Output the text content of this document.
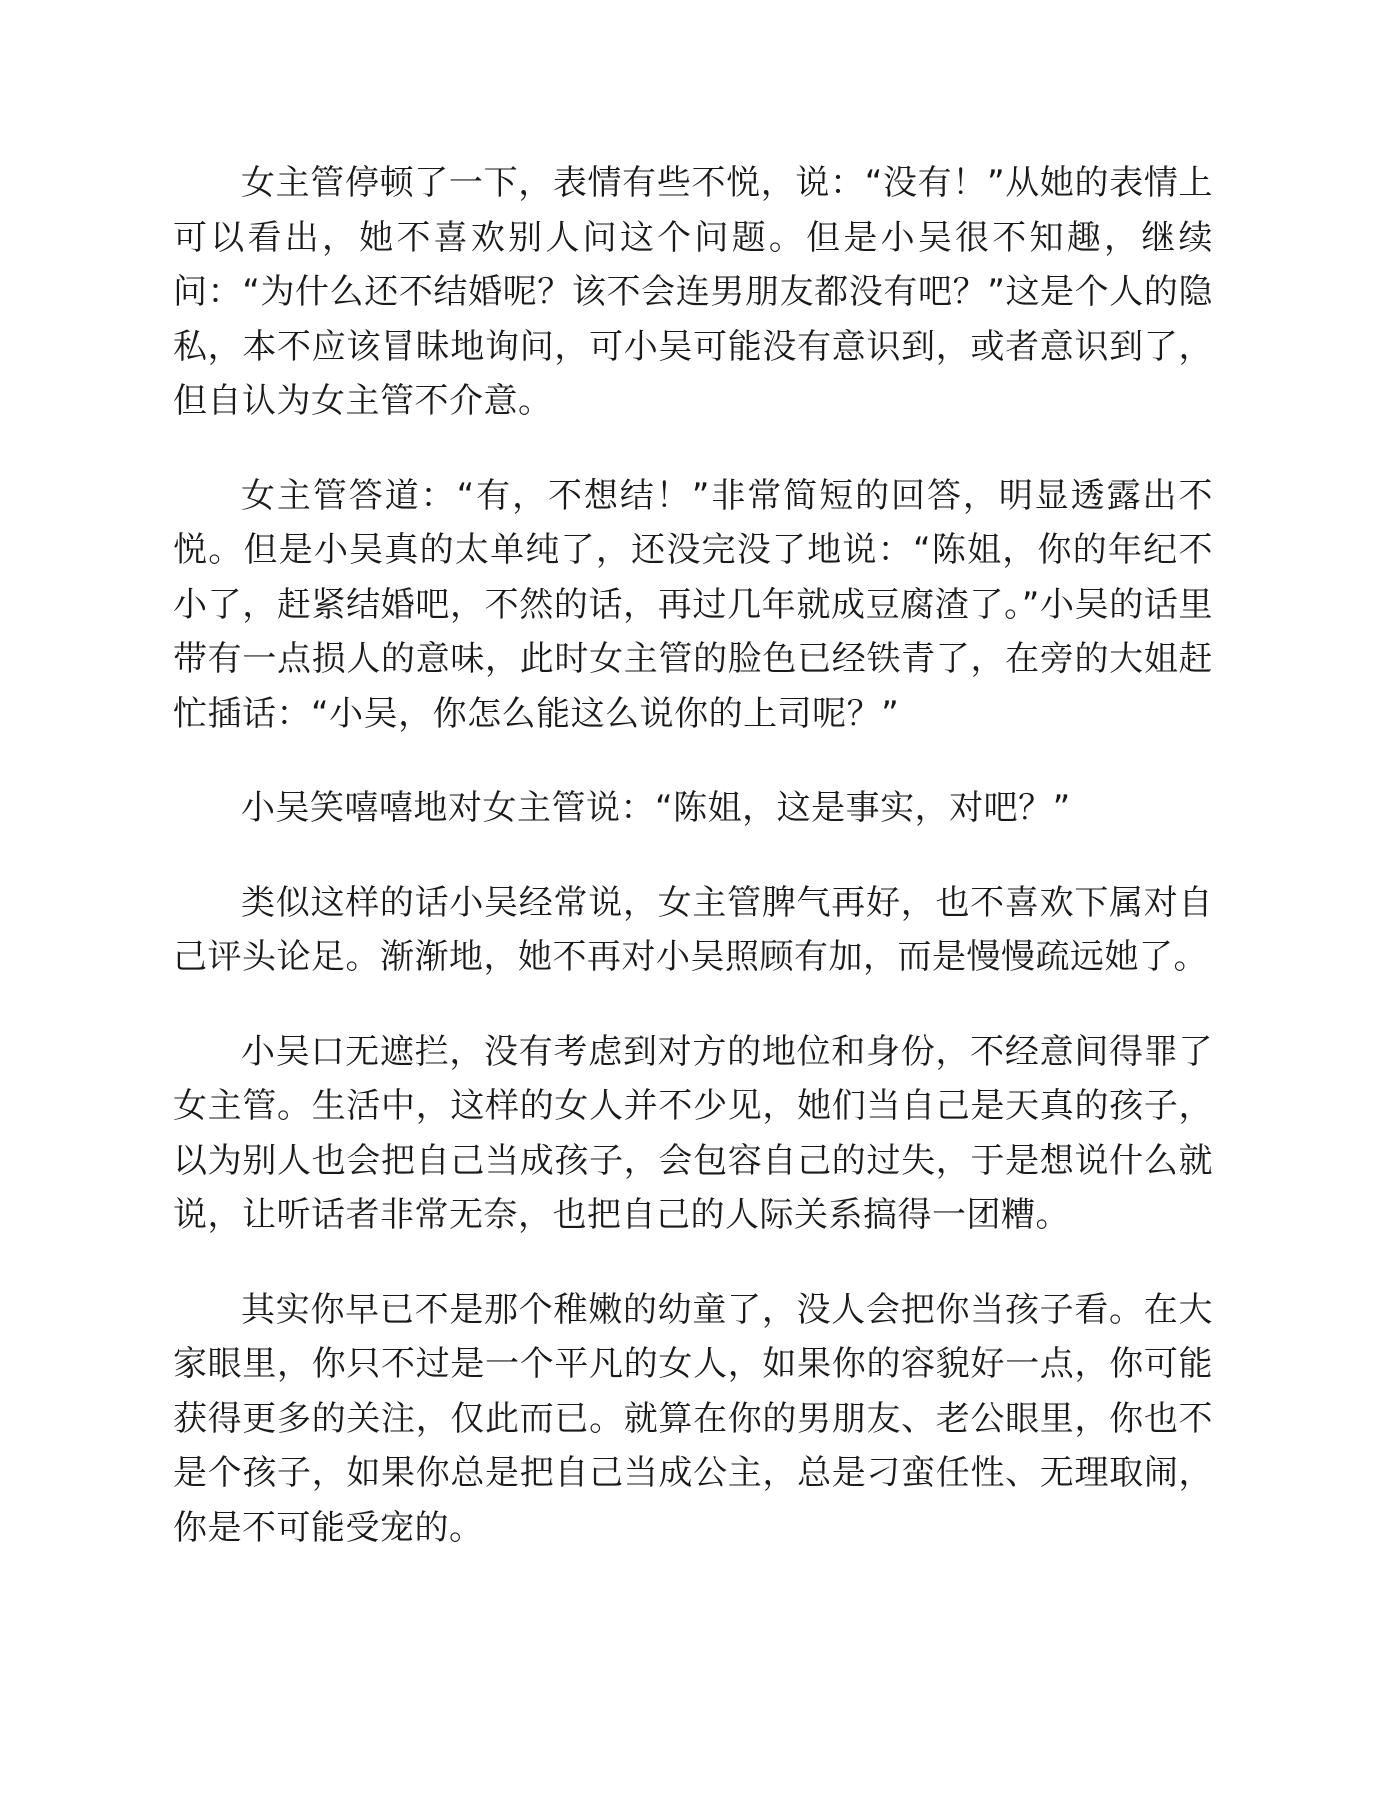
女主管停顿了一下，表情有些不悦，说：“没有！”从她的表情上可以看出，她不喜欢别人问这个问题。但是小吴很不知趣，继续问：“为什么还不结婚呢？该不会连男朋友都没有吧？”这是个人的隐私，本不应该冒昧地询问，可小吴可能没有意识到，或者意识到了，但自认为女主管不介意。

女主管答道：“有，不想结！”非常简短的回答，明显透露出不悦。但是小吴真的太单纯了，还没完没了地说：“陈姐，你的年纪不小了，赶紧结婚吧，不然的话，再过几年就成豆腐渣了。”小吴的话里带有一点损人的意味，此时女主管的脸色已经铁青了，在旁的大姐赶忙插话：“小吴，你怎么能这么说你的上司呢？”

小吴笑嘻嘻地对女主管说：“陈姐，这是事实，对吧？”

类似这样的话小吴经常说，女主管脾气再好，也不喜欢下属对自己评头论足。渐渐地，她不再对小吴照顾有加，而是慢慢疏远她了。

小吴口无遮拦，没有考虑到对方的地位和身份，不经意间得罪了女主管。生活中，这样的女人并不少见，她们当自己是天真的孩子，以为别人也会把自己当成孩子，会包容自己的过失，于是想说什么就说，让听话者非常无奈，也把自己的人际关系搞得一团糟。

其实你早已不是那个稚嫩的幼童了，没人会把你当孩子看。在大家眼里，你只不过是一个平凡的女人，如果你的容貌好一点，你可能获得更多的关注，仅此而已。就算在你的男朋友、老公眼里，你也不是个孩子，如果你总是把自己当成公主，总是刁蛮任性、无理取闹，你是不可能受宠的。
